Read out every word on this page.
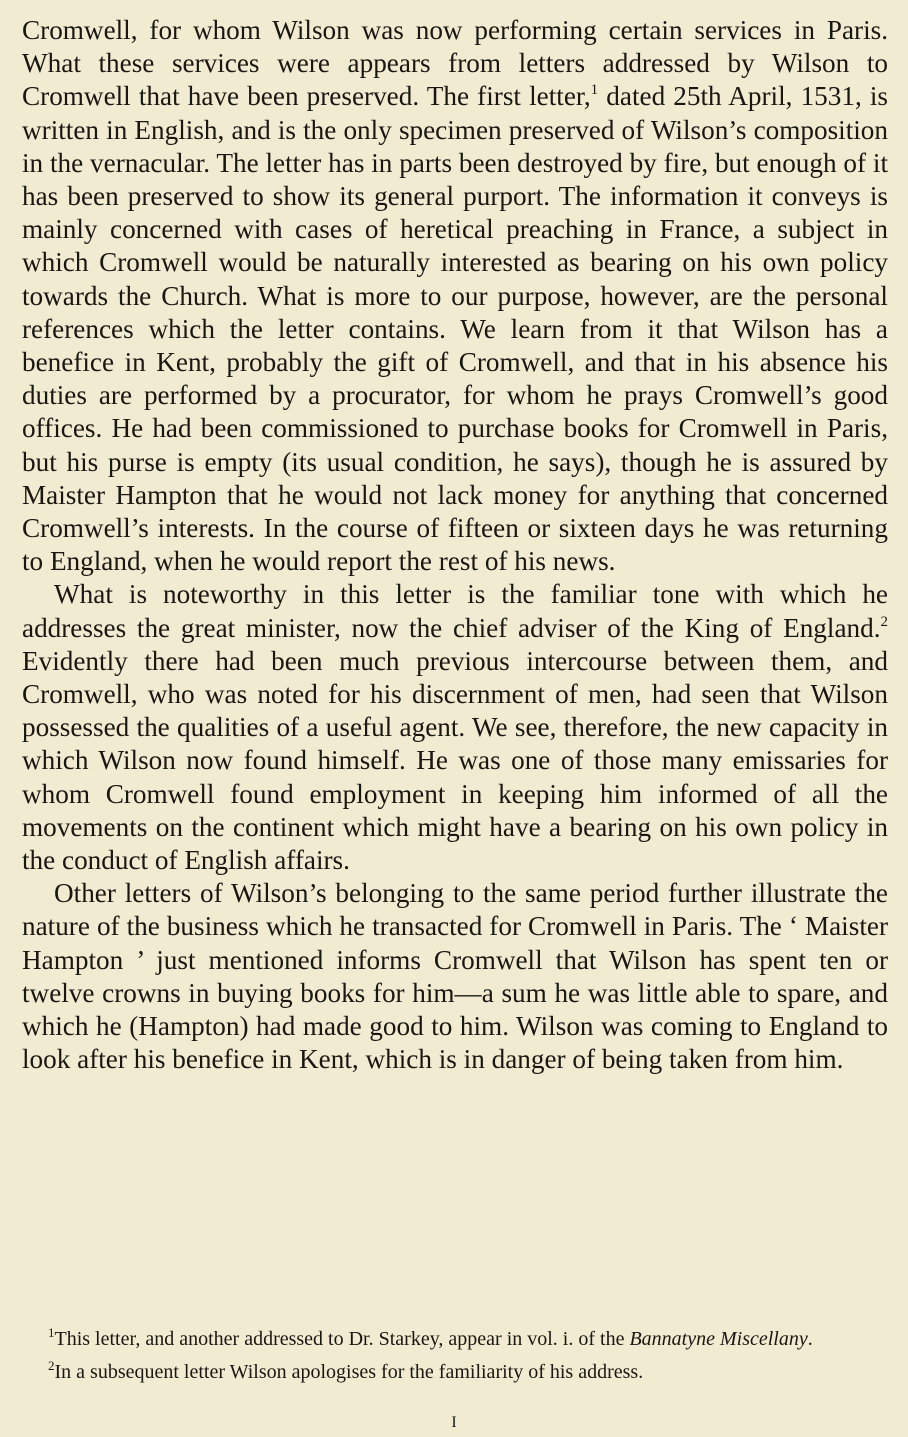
Cromwell, for whom Wilson was now performing certain services in Paris. What these services were appears from letters addressed by Wilson to Cromwell that have been preserved. The first letter,$^1$ dated 25th April, 1531, is written in English, and is the only specimen preserved of Wilson’s composition in the vernacular. The letter has in parts been destroyed by fire, but enough of it has been preserved to show its general purport. The information it conveys is mainly concerned with cases of heretical preaching in France, a subject in which Cromwell would be naturally interested as bearing on his own policy towards the Church. What is more to our purpose, however, are the personal references which the letter contains. We learn from it that Wilson has a benefice in Kent, probably the gift of Cromwell, and that in his absence his duties are performed by a procurator, for whom he prays Cromwell’s good offices. He had been commissioned to purchase books for Cromwell in Paris, but his purse is empty (its usual condition, he says), though he is assured by Maister Hampton that he would not lack money for anything that concerned Cromwell’s interests. In the course of fifteen or sixteen days he was returning to England, when he would report the rest of his news.

What is noteworthy in this letter is the familiar tone with which he addresses the great minister, now the chief adviser of the King of England.$^2$ Evidently there had been much previous intercourse between them, and Cromwell, who was noted for his discernment of men, had seen that Wilson possessed the qualities of a useful agent. We see, therefore, the new capacity in which Wilson now found himself. He was one of those many emissaries for whom Cromwell found employment in keeping him informed of all the movements on the continent which might have a bearing on his own policy in the conduct of English affairs.

Other letters of Wilson’s belonging to the same period further illustrate the nature of the business which he transacted for Cromwell in Paris. The ‘ Maister Hampton ’ just mentioned informs Cromwell that Wilson has spent ten or twelve crowns in buying books for him—a sum he was little able to spare, and which he (Hampton) had made good to him. Wilson was coming to England to look after his benefice in Kent, which is in danger of being taken from him.

$^1$This letter, and another addressed to Dr. Starkey, appear in vol. i. of the Bannatyne Miscellany.

$^2$In a subsequent letter Wilson apologises for the familiarity of his address.

I
